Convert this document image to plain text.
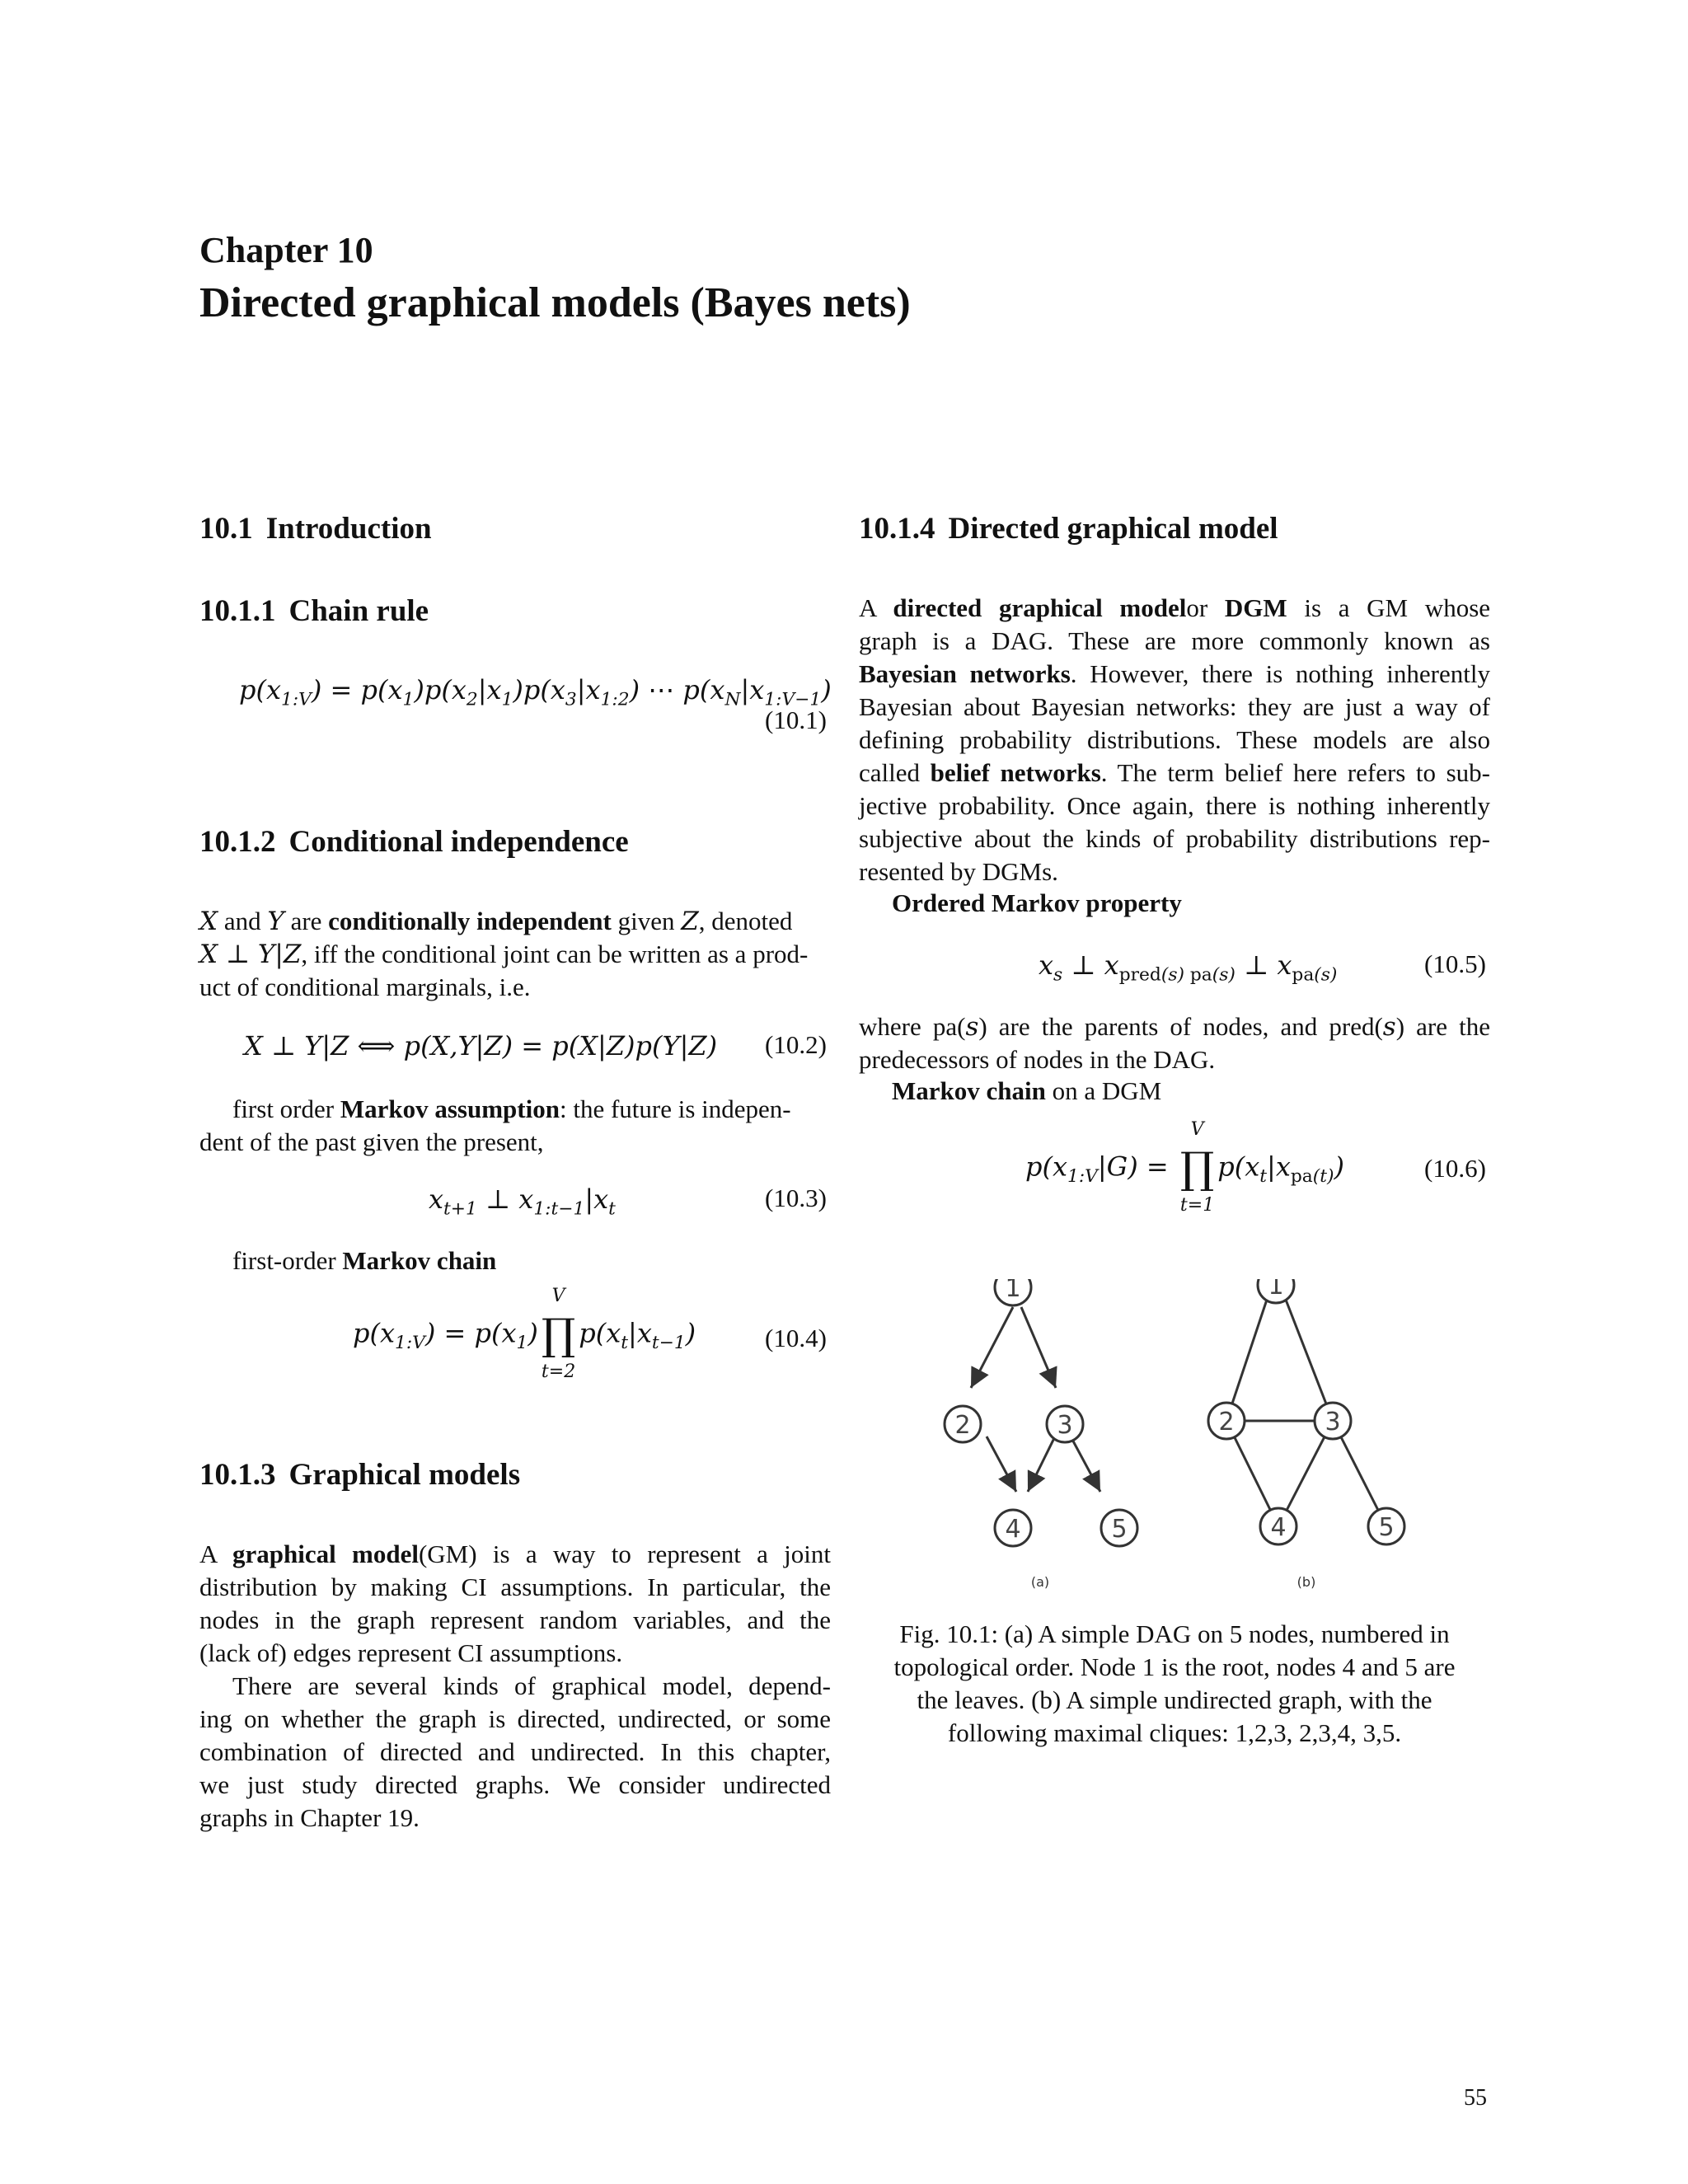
Chapter 10
Directed graphical models (Bayes nets)
10.1 Introduction
10.1.1 Chain rule
$p(x_{1:V}) = p(x_1)p(x_2|x_1)p(x_3|x_{1:2})$ ⋯ $p(x_N|x_{1:V-1})$
(10.1)
10.1.2 Conditional independence
X and Y are conditionally independent given Z, denoted
X ⊥ Y|Z, iff the conditional joint can be written as a prod-
uct of conditional marginals, i.e.
X ⊥ Y|Z ⟺ p(X,Y|Z) = p(X|Z)p(Y|Z) (10.2)
first order Markov assumption: the future is indepen-
dent of the past given the present,
$x_{t+1}$ ⊥ $x_{1:t-1}|x_t$	(10.3)
first-order Markov chain
$p(x_{1:V})$ = $p(x_1)\prod$
V
t=2
$p(x_t|x_{t-1})$	(10.4)
10.1.3 Graphical models
A graphical model(GM) is a way to represent a joint
distribution by making CI assumptions. In particular, the
nodes in the graph represent random variables, and the
(lack of) edges represent CI assumptions.
There are several kinds of graphical model, depend-
ing on whether the graph is directed, undirected, or some
combination of directed and undirected. In this chapter,
we just study directed graphs. We consider undirected
graphs in Chapter 19.
10.1.4 Directed graphical model
A directed graphical modelor DGM is a GM whose
graph is a DAG. These are more commonly known as
Bayesian networks. However, there is nothing inherently
Bayesian about Bayesian networks: they are just a way of
defining probability distributions. These models are also
called belief networks. The term belief here refers to sub-
jective probability. Once again, there is nothing inherently
subjective about the kinds of probability distributions rep-
resented by DGMs.
Ordered Markov property
$x_s$ ⊥ $x_{pred(s) pa(s)}$ ⊥ $x_{pa(s)}$	(10.5)
where pa(s) are the parents of nodes, and pred(s) are the
predecessors of nodes in the DAG.
Markov chain on a DGM
$p(x_{1:V}|G)$ = ∏
V
t=1
$p(x_t|x_{pa(t)})$	(10.6)
1
2	3
4	5
(a)
1
2	3
4	5
(b)
Fig. 10.1: (a) A simple DAG on 5 nodes, numbered in
topological order. Node 1 is the root, nodes 4 and 5 are
the leaves. (b) A simple undirected graph, with the
following maximal cliques: 1,2,3, 2,3,4, 3,5.
55
